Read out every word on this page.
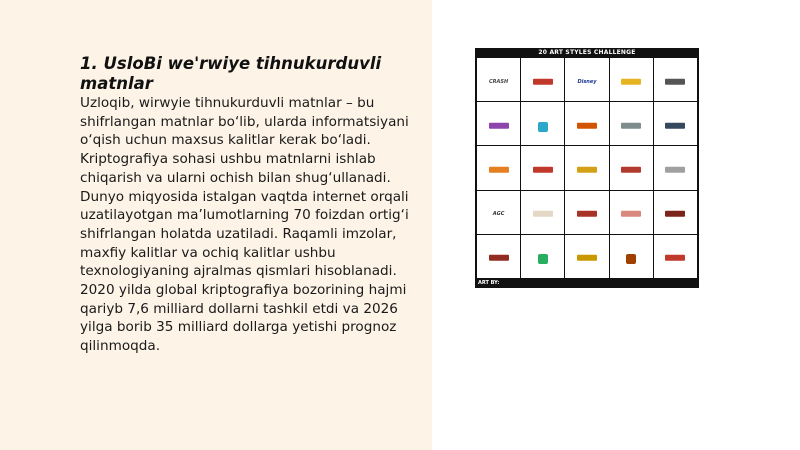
1. UsloBi we'rwiye tihnukurduvli matnlar

Uzloqib, wirwyie tihnukurduvli matnlar – bu shifrlangan matnlar bo‘lib, ularda informatsiyani o‘qish uchun maxsus kalitlar kerak bo‘ladi. Kriptografiya sohasi ushbu matnlarni ishlab chiqarish va ularni ochish bilan shug‘ullanadi. Dunyo miqyosida istalgan vaqtda internet orqali uzatilayotgan ma’lumotlarning 70 foizdan ortig‘i shifrlangan holatda uzatiladi. Raqamli imzolar, maxfiy kalitlar va ochiq kalitlar ushbu texnologiyaning ajralmas qismlari hisoblanadi. 2020 yilda global kriptografiya bozorining hajmi qariyb 7,6 milliard dollarni tashkil etdi va 2026 yilga borib 35 milliard dollarga yetishi prognoz qilinmoqda.

20 ART STYLES CHALLENGE
CRASH	Disney
AGC
ART BY:
